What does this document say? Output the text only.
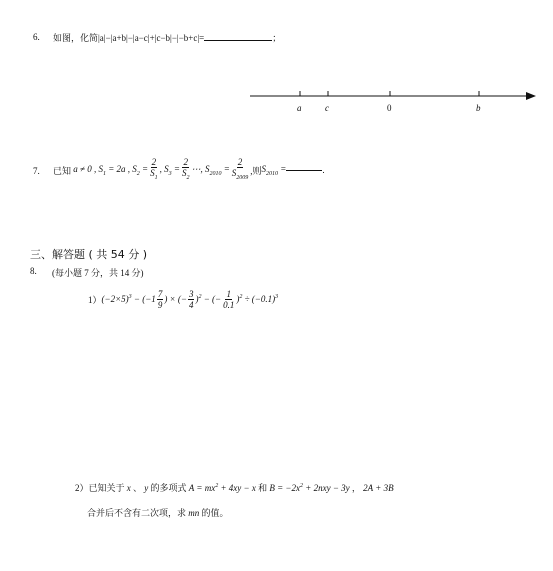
6. 如图，化简|a|−|a+b|−|a−c|+|c−b|−|−b+c|=	；
a	c	0	b
7. 已知 a ≠ 0 , $S_1 = 2a$ , $S_2 = \frac{2}{S_1}$ , $S_3 = \frac{2}{S_2}$ ⋯, $S_{2010} = \frac{2}{S_{2009}}$ ,则 $S_{2010}$ =	.
三、解答题 ( 共 54 分 )
8. (每小题 7 分，共 14 分)
1） $(-2\times 5)^3 - (-1 \frac{7}{9}$ ) × (− $\frac{3}{4} )^2$ − (− $\frac{1}{0.1} )^2 \div (-0.1)^3$
2）已知关于 x 、 y 的多项式 $A = mx^2 + 4xy - x$ 和 $B = -2x^2 + 2nxy - 3y$ ， 2A + 3B
合并后不含有二次项，求 mn 的值。
